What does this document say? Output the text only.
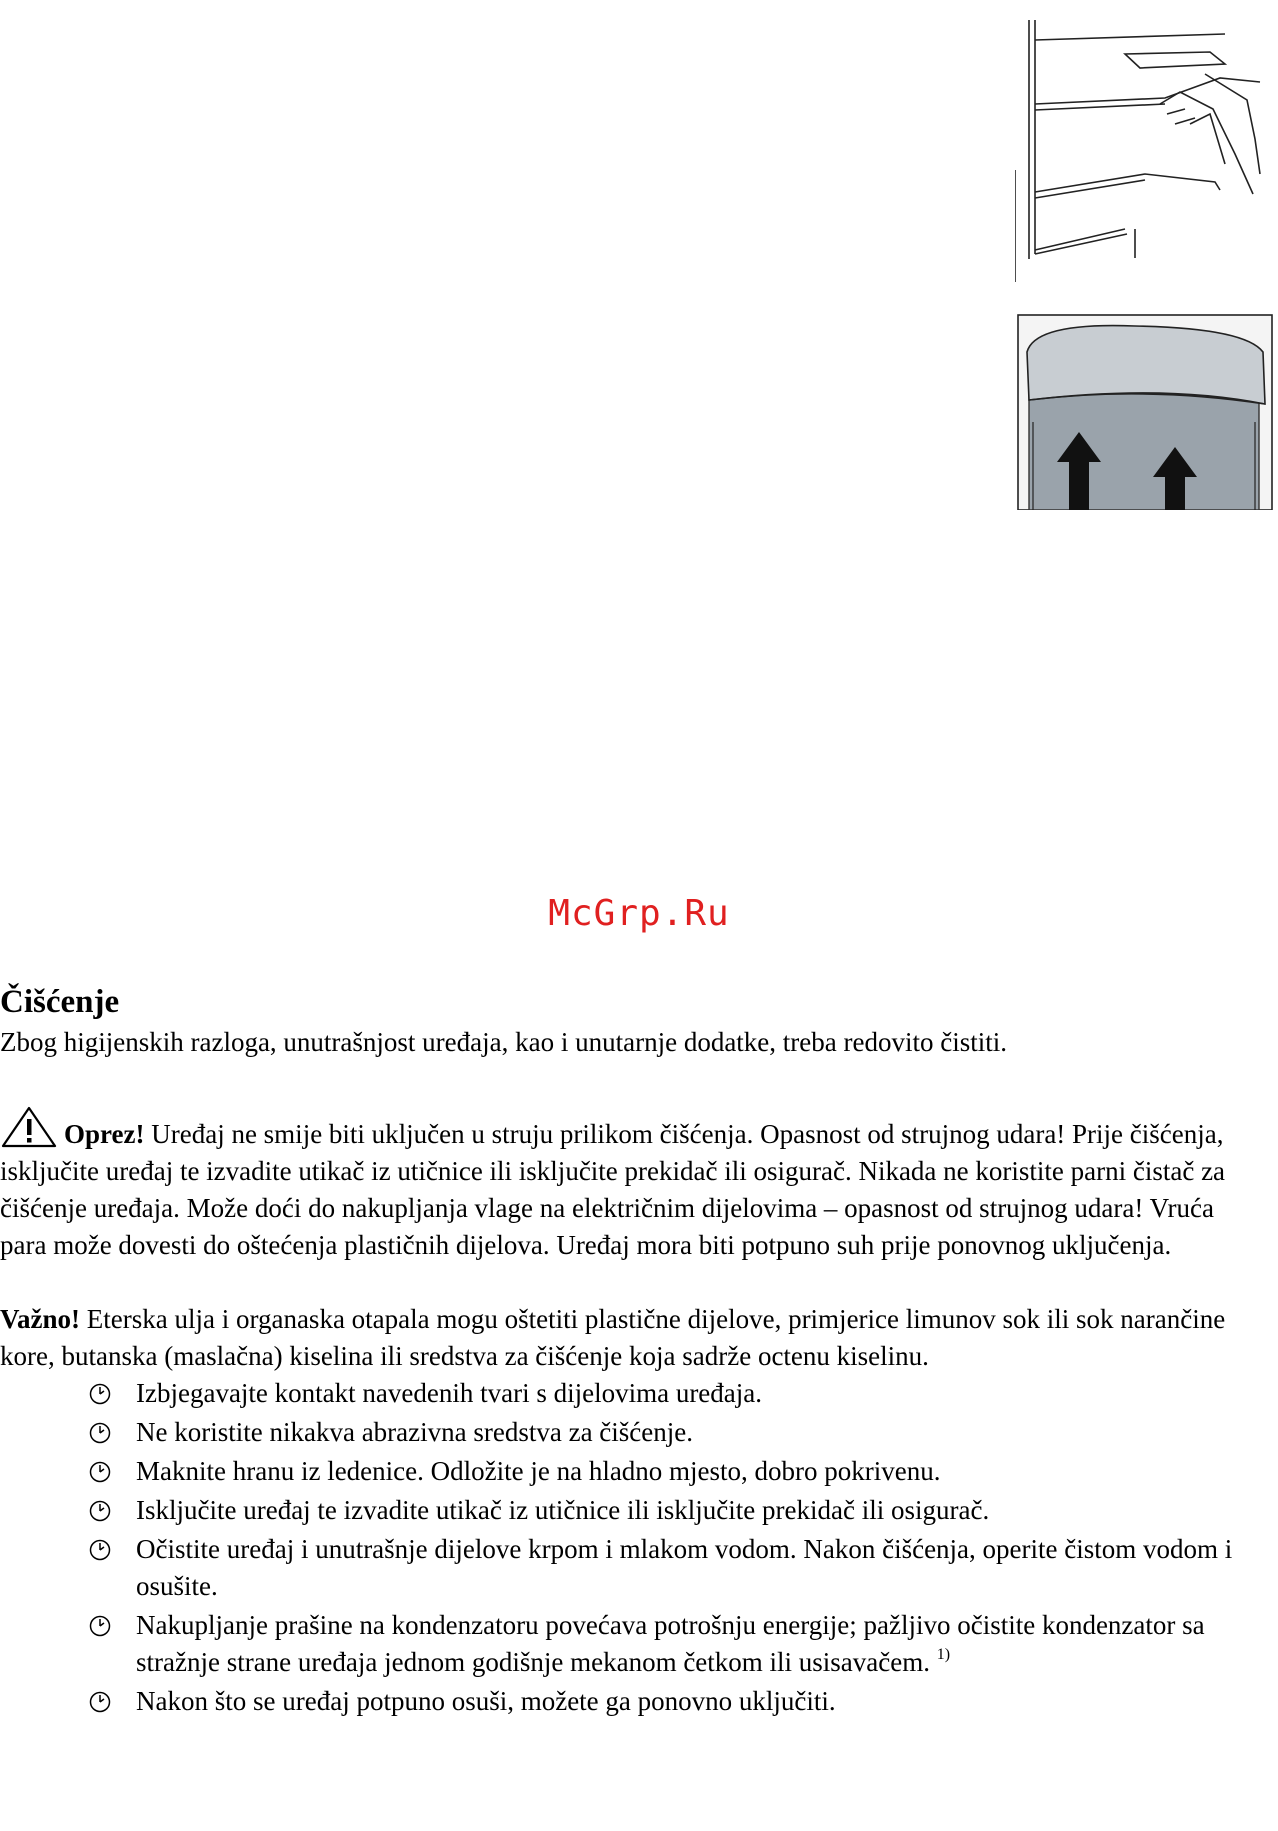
McGrp.Ru
Čišćenje

Zbog higijenskih razloga, unutrašnjost uređaja, kao i unutarnje dodatke, treba redovito čistiti.

Oprez! Uređaj ne smije biti uključen u struju prilikom čišćenja. Opasnost od strujnog udara! Prije čišćenja, isključite uređaj te izvadite utikač iz utičnice ili isključite prekidač ili osigurač. Nikada ne koristite parni čistač za čišćenje uređaja. Može doći do nakupljanja vlage na električnim dijelovima – opasnost od strujnog udara! Vruća para može dovesti do oštećenja plastičnih dijelova. Uređaj mora biti potpuno suh prije ponovnog uključenja.

Važno! Eterska ulja i organaska otapala mogu oštetiti plastične dijelove, primjerice limunov sok ili sok narančine kore, butanska (maslačna) kiselina ili sredstva za čišćenje koja sadrže octenu kiselinu.

Izbjegavajte kontakt navedenih tvari s dijelovima uređaja.
Ne koristite nikakva abrazivna sredstva za čišćenje.
Maknite hranu iz ledenice. Odložite je na hladno mjesto, dobro pokrivenu.
Isključite uređaj te izvadite utikač iz utičnice ili isključite prekidač ili osigurač.
Očistite uređaj i unutrašnje dijelove krpom i mlakom vodom. Nakon čišćenja, operite čistom vodom i osušite.
Nakupljanje prašine na kondenzatoru povećava potrošnju energije; pažljivo očistite kondenzator sa stražnje strane uređaja jednom godišnje mekanom četkom ili usisavačem. $^{1)}$
Nakon što se uređaj potpuno osuši, možete ga ponovno uključiti.
